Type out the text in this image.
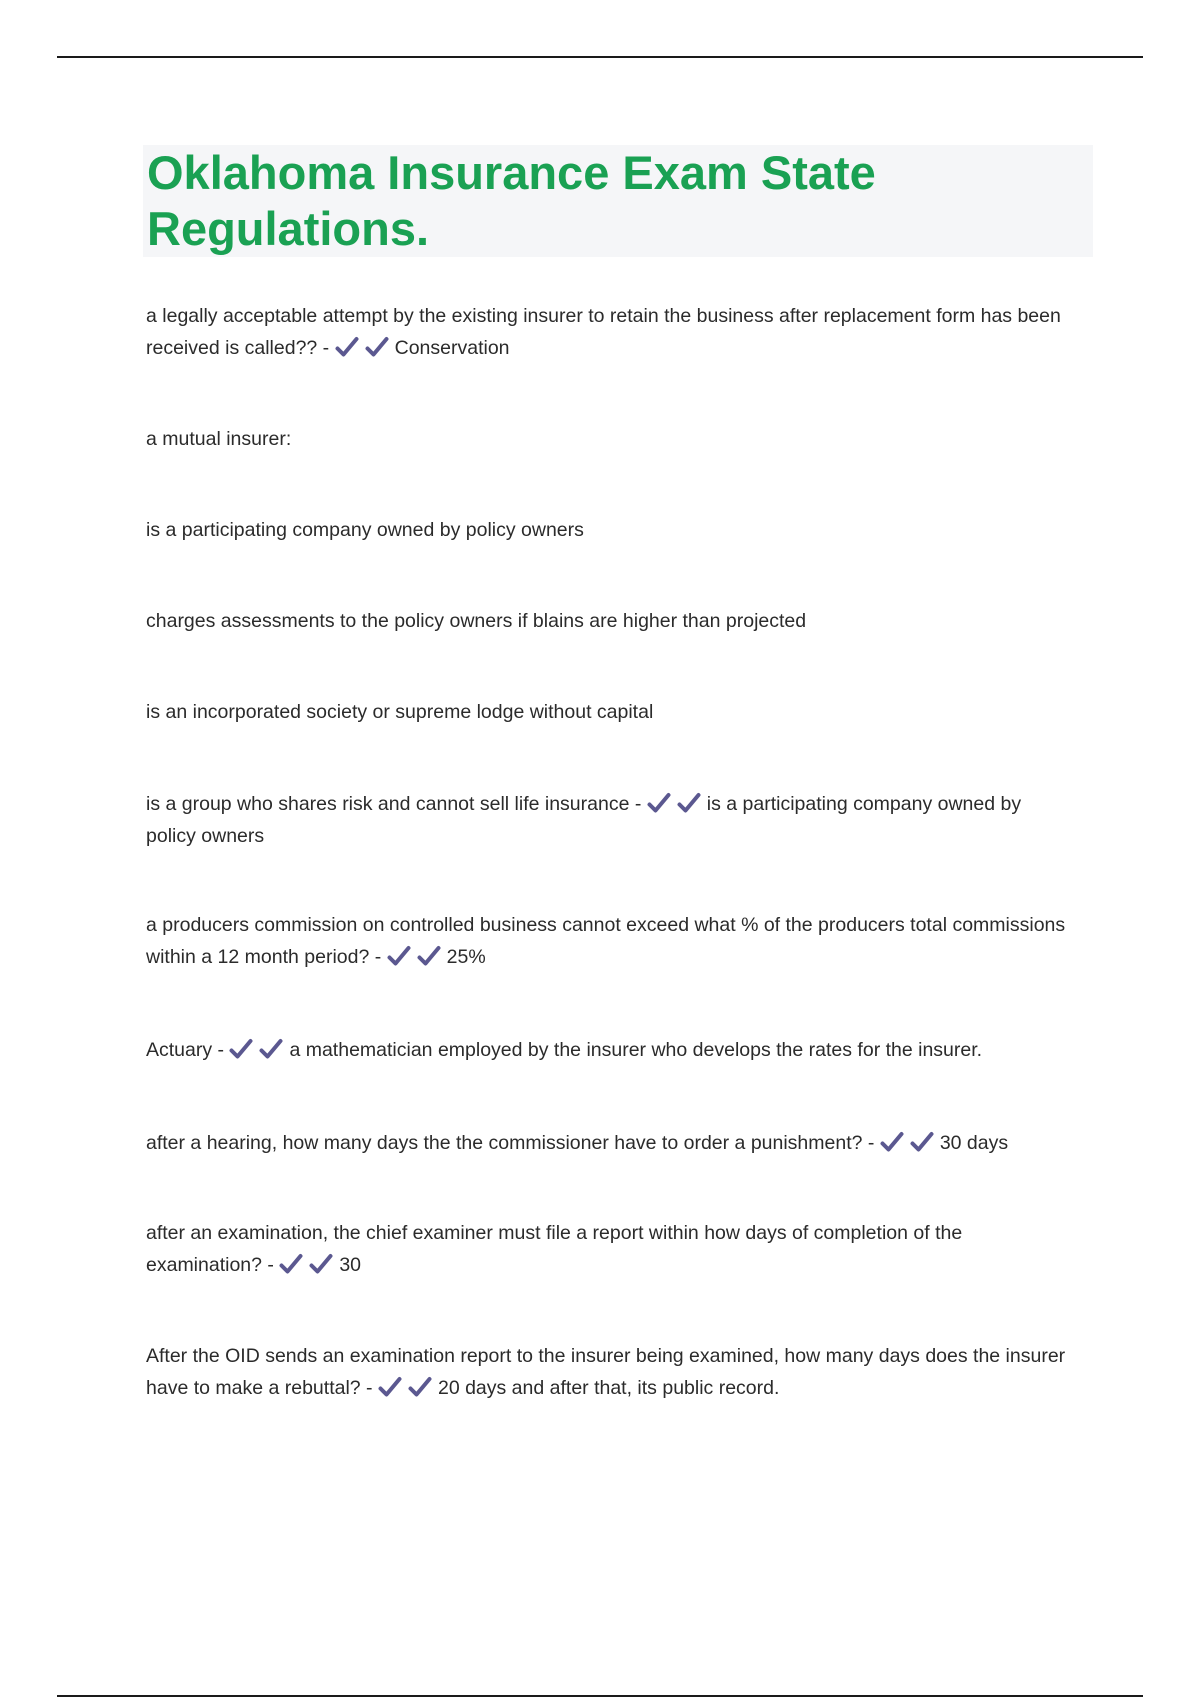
Oklahoma Insurance Exam State Regulations.
a legally acceptable attempt by the existing insurer to retain the business after replacement form has been received is called?? -	Conservation
a mutual insurer:
is a participating company owned by policy owners
charges assessments to the policy owners if blains are higher than projected
is an incorporated society or supreme lodge without capital
is a group who shares risk and cannot sell life insurance -	is a participating company owned by policy owners
a producers commission on controlled business cannot exceed what % of the producers total commissions within a 12 month period? -	25%
Actuary -	a mathematician employed by the insurer who develops the rates for the insurer.
after a hearing, how many days the the commissioner have to order a punishment? -	30 days
after an examination, the chief examiner must file a report within how days of completion of the examination? -	30
After the OID sends an examination report to the insurer being examined, how many days does the insurer have to make a rebuttal? -	20 days and after that, its public record.
